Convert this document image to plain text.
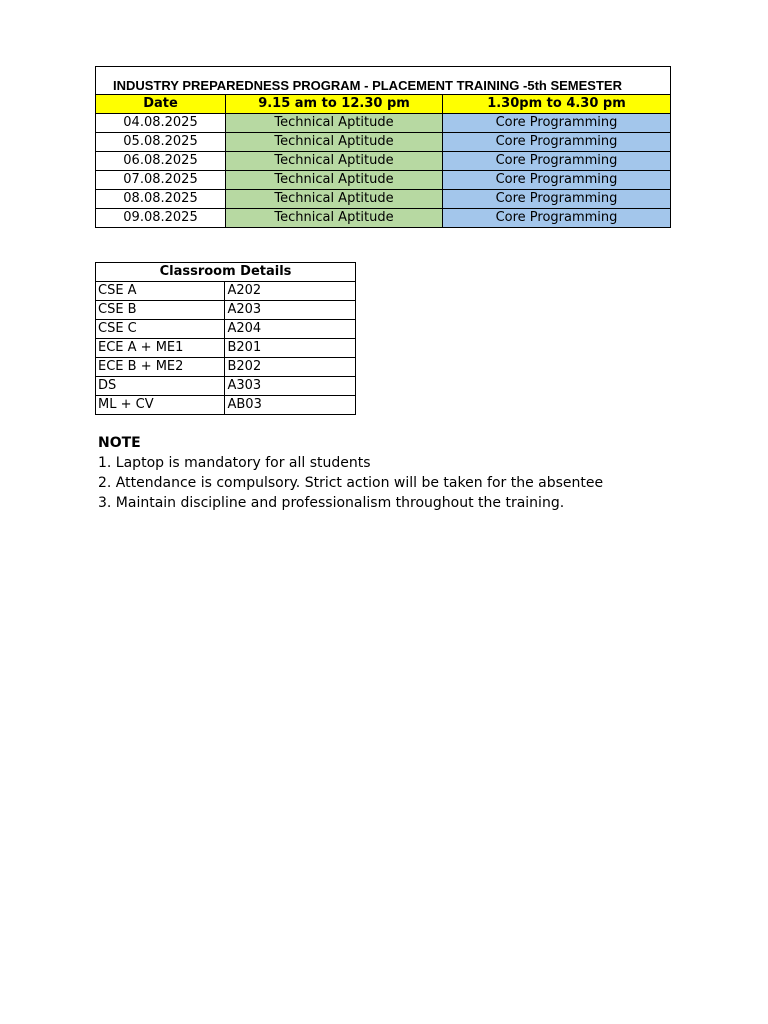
INDUSTRY PREPAREDNESS PROGRAM - PLACEMENT TRAINING -5th SEMESTER		
Date	9.15 am to 12.30 pm	1.30pm to 4.30 pm
04.08.2025	Technical Aptitude	Core Programming
05.08.2025	Technical Aptitude	Core Programming
06.08.2025	Technical Aptitude	Core Programming
07.08.2025	Technical Aptitude	Core Programming
08.08.2025	Technical Aptitude	Core Programming
09.08.2025	Technical Aptitude	Core Programming
Classroom Details	
CSE A	A202
CSE B	A203
CSE C	A204
ECE A + ME1	B201
ECE B + ME2	B202
DS	A303
ML + CV	AB03
NOTE

1. Laptop is mandatory for all students

2. Attendance is compulsory. Strict action will be taken for the absentee

3. Maintain discipline and professionalism throughout the training.
